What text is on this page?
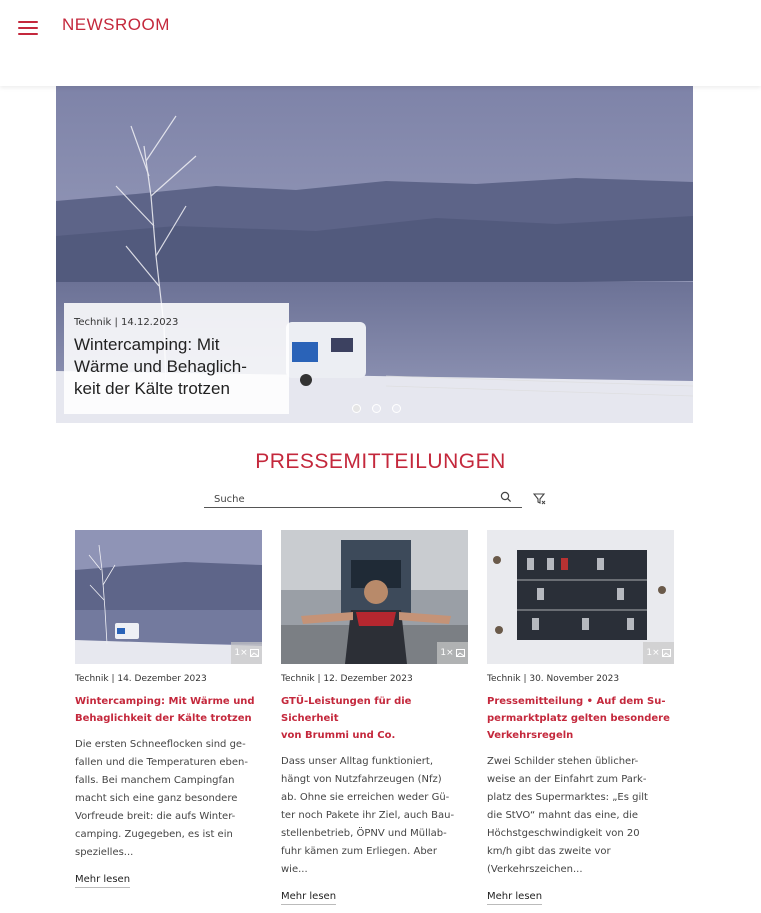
NEWSROOM
Technik | 14.12.2023
Wintercamping: Mit
Wärme und Behaglich-
keit der Kälte trotzen
PRESSEMITTEILUNGEN
Suche
1×
Technik | 14. Dezember 2023
Wintercamping: Mit Wärme und
Behaglichkeit der Kälte trotzen
Die ersten Schneeflocken sind ge-
fallen und die Temperaturen eben-
falls. Bei manchem Campingfan
macht sich eine ganz besondere
Vorfreude breit: die aufs Winter-
camping. Zugegeben, es ist ein
spezielles...
Mehr lesen
1×
Technik | 12. Dezember 2023
GTÜ-Leistungen für die Sicherheit
von Brummi und Co.
Dass unser Alltag funktioniert,
hängt von Nutzfahrzeugen (Nfz)
ab. Ohne sie erreichen weder Gü-
ter noch Pakete ihr Ziel, auch Bau-
stellenbetrieb, ÖPNV und Müllab-
fuhr kämen zum Erliegen. Aber
wie...
Mehr lesen
1×
Technik | 30. November 2023
Pressemitteilung • Auf dem Su-
permarktplatz gelten besondere
Verkehrsregeln
Zwei Schilder stehen üblicher-
weise an der Einfahrt zum Park-
platz des Supermarktes: „Es gilt
die StVO“ mahnt das eine, die
Höchstgeschwindigkeit von 20
km/h gibt das zweite vor
(Verkehrszeichen...
Mehr lesen
